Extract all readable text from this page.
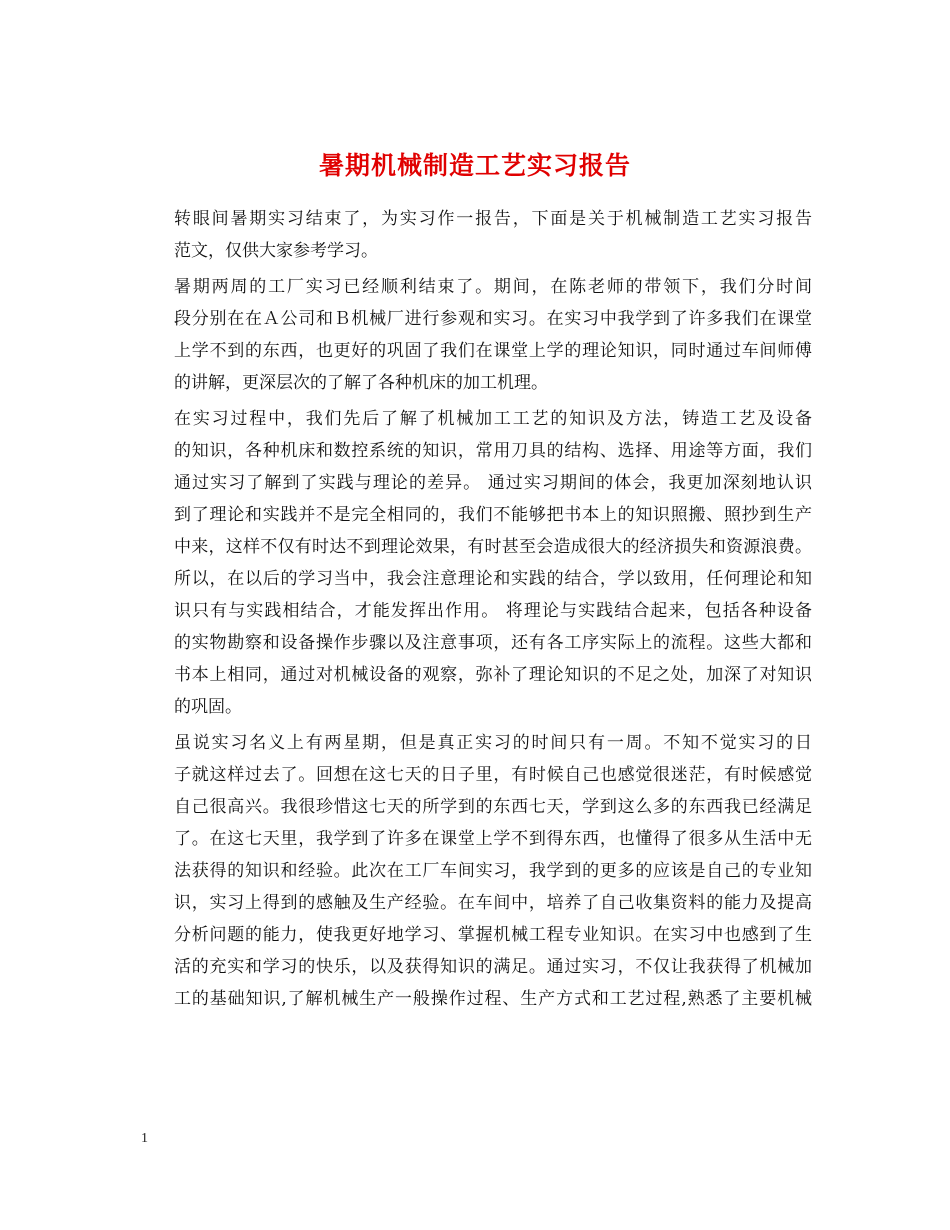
暑期机械制造工艺实习报告

转眼间暑期实习结束了，为实习作一报告，下面是关于机械制造工艺实习报告
范文，仅供大家参考学习。

暑期两周的工厂实习已经顺利结束了。期间，在陈老师的带领下，我们分时间
段分别在在Ａ公司和Ｂ机械厂进行参观和实习。在实习中我学到了许多我们在课堂
上学不到的东西，也更好的巩固了我们在课堂上学的理论知识，同时通过车间师傅
的讲解，更深层次的了解了各种机床的加工机理。

在实习过程中，我们先后了解了机械加工工艺的知识及方法，铸造工艺及设备
的知识，各种机床和数控系统的知识，常用刀具的结构、选择、用途等方面，我们
通过实习了解到了实践与理论的差异。 通过实习期间的体会，我更加深刻地认识
到了理论和实践并不是完全相同的，我们不能够把书本上的知识照搬、照抄到生产
中来，这样不仅有时达不到理论效果，有时甚至会造成很大的经济损失和资源浪费。
所以，在以后的学习当中，我会注意理论和实践的结合，学以致用，任何理论和知
识只有与实践相结合，才能发挥出作用。 将理论与实践结合起来，包括各种设备
的实物勘察和设备操作步骤以及注意事项，还有各工序实际上的流程。这些大都和
书本上相同，通过对机械设备的观察，弥补了理论知识的不足之处，加深了对知识
的巩固。

虽说实习名义上有两星期，但是真正实习的时间只有一周。不知不觉实习的日
子就这样过去了。回想在这七天的日子里，有时候自己也感觉很迷茫，有时候感觉
自己很高兴。我很珍惜这七天的所学到的东西七天，学到这么多的东西我已经满足
了。在这七天里，我学到了许多在课堂上学不到得东西，也懂得了很多从生活中无
法获得的知识和经验。此次在工厂车间实习，我学到的更多的应该是自己的专业知
识，实习上得到的感触及生产经验。在车间中，培养了自己收集资料的能力及提高
分析问题的能力，使我更好地学习、掌握机械工程专业知识。在实习中也感到了生
活的充实和学习的快乐，以及获得知识的满足。通过实习，不仅让我获得了机械加
工的基础知识,了解机械生产一般操作过程、生产方式和工艺过程,熟悉了主要机械

1
